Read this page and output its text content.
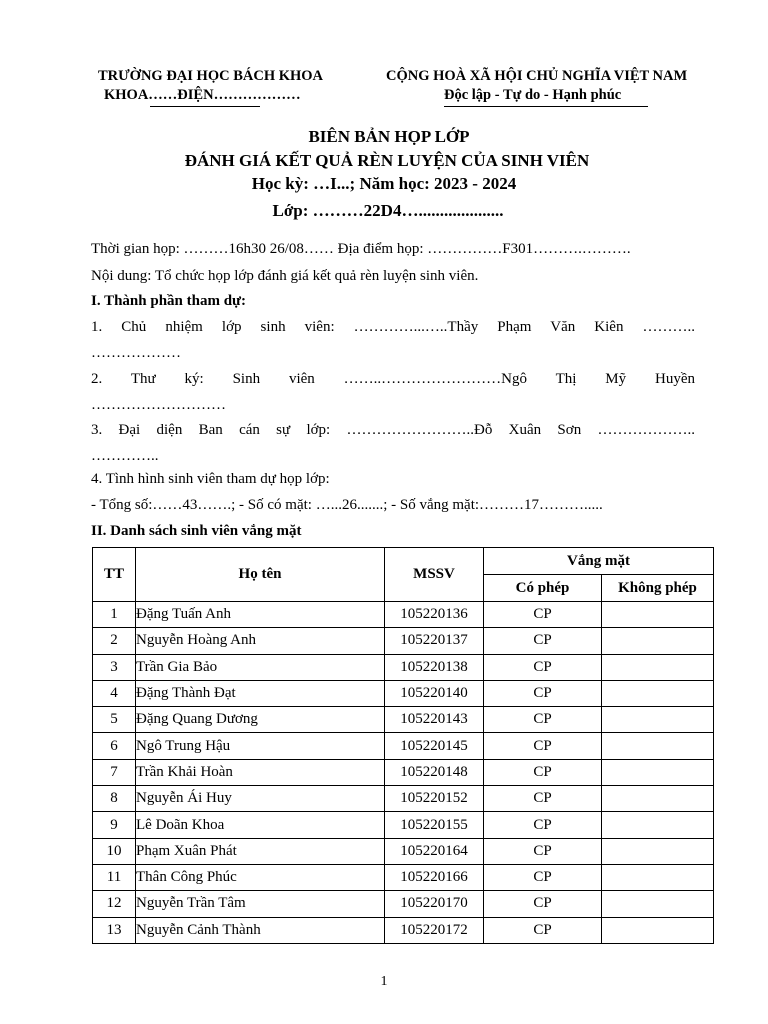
TRƯỜNG ĐẠI HỌC BÁCH KHOA
KHOA……ĐIỆN………………
CỘNG HOÀ XÃ HỘI CHỦ NGHĨA VIỆT NAM
Độc lập - Tự do - Hạnh phúc
BIÊN BẢN HỌP LỚP
ĐÁNH GIÁ KẾT QUẢ RÈN LUYỆN CỦA SINH VIÊN
Học kỳ: …I...; Năm học: 2023 - 2024
Lớp: ………22D4…....................
Thời gian họp: ………16h30 26/08…… Địa điểm họp: ……………F301……….……….
Nội dung: Tổ chức họp lớp đánh giá kết quả rèn luyện sinh viên.
I. Thành phần tham dự:
1. Chủ nhiệm lớp sinh viên: …………...…..Thầy Phạm Văn Kiên ………..
………………
2. Thư ký: Sinh viên ……..……………………Ngô Thị Mỹ Huyền
………………………
3. Đại diện Ban cán sự lớp: ……………………..Đỗ Xuân Sơn ………………..
…………..
4. Tình hình sinh viên tham dự họp lớp:
- Tổng số:……43…….; - Số có mặt: …...26.......; - Số vắng mặt:………17……….....
II. Danh sách sinh viên vắng mặt
TT	Họ tên	MSSV	Vắng mặt	
			Có phép	Không phép
1	Đặng Tuấn Anh	105220136	CP	
2	Nguyễn Hoàng Anh	105220137	CP	
3	Trần Gia Bảo	105220138	CP	
4	Đặng Thành Đạt	105220140	CP	
5	Đặng Quang Dương	105220143	CP	
6	Ngô Trung Hậu	105220145	CP	
7	Trần Khải Hoàn	105220148	CP	
8	Nguyễn Ái Huy	105220152	CP	
9	Lê Doãn Khoa	105220155	CP	
10	Phạm Xuân Phát	105220164	CP	
11	Thân Công Phúc	105220166	CP	
12	Nguyễn Trần Tâm	105220170	CP	
13	Nguyễn Cảnh Thành	105220172	CP	
1
